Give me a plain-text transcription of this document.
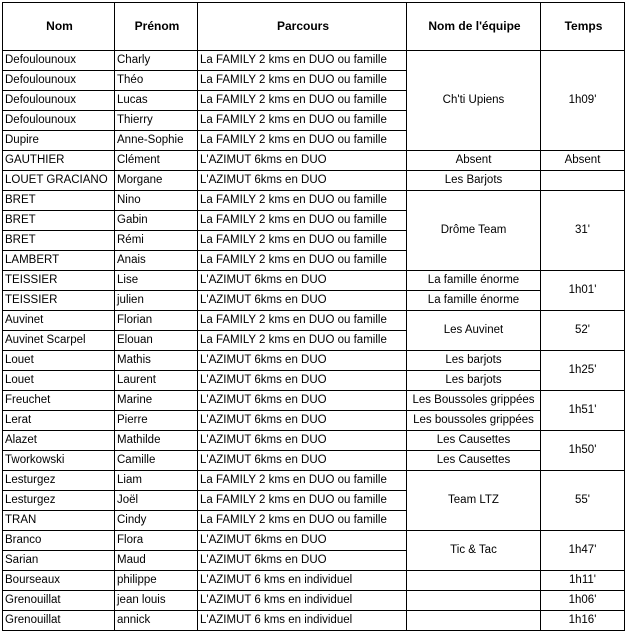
Nom	Prénom	Parcours	Nom de l'équipe	Temps
Defoulounoux	Charly	La FAMILY 2 kms en DUO ou famille	Ch'ti Upiens	1h09'
Defoulounoux	Théo	La FAMILY 2 kms en DUO ou famille		
Defoulounoux	Lucas	La FAMILY 2 kms en DUO ou famille		
Defoulounoux	Thierry	La FAMILY 2 kms en DUO ou famille		
Dupire	Anne-Sophie	La FAMILY 2 kms en DUO ou famille		
GAUTHIER	Clément	L'AZIMUT 6kms en DUO	Absent	Absent
LOUET GRACIANO	Morgane	L'AZIMUT 6kms en DUO	Les Barjots	
BRET	Nino	La FAMILY 2 kms en DUO ou famille	Drôme Team	31'
BRET	Gabin	La FAMILY 2 kms en DUO ou famille		
BRET	Rémi	La FAMILY 2 kms en DUO ou famille		
LAMBERT	Anais	La FAMILY 2 kms en DUO ou famille		
TEISSIER	Lise	L'AZIMUT 6kms en DUO	La famille énorme	1h01'
TEISSIER	julien	L'AZIMUT 6kms en DUO	La famille énorme	
Auvinet	Florian	La FAMILY 2 kms en DUO ou famille	Les Auvinet	52'
Auvinet Scarpel	Elouan	La FAMILY 2 kms en DUO ou famille		
Louet	Mathis	L'AZIMUT 6kms en DUO	Les barjots	1h25'
Louet	Laurent	L'AZIMUT 6kms en DUO	Les barjots	
Freuchet	Marine	L'AZIMUT 6kms en DUO	Les Boussoles grippées	1h51'
Lerat	Pierre	L'AZIMUT 6kms en DUO	Les boussoles grippées	
Alazet	Mathilde	L'AZIMUT 6kms en DUO	Les Causettes	1h50'
Tworkowski	Camille	L'AZIMUT 6kms en DUO	Les Causettes	
Lesturgez	Liam	La FAMILY 2 kms en DUO ou famille	Team LTZ	55'
Lesturgez	Joël	La FAMILY 2 kms en DUO ou famille		
TRAN	Cindy	La FAMILY 2 kms en DUO ou famille		
Branco	Flora	L'AZIMUT 6kms en DUO	Tic & Tac	1h47'
Sarian	Maud	L'AZIMUT 6kms en DUO		
Bourseaux	philippe	L'AZIMUT 6 kms en individuel		1h11'
Grenouillat	jean louis	L'AZIMUT 6 kms en individuel		1h06'
Grenouillat	annick	L'AZIMUT 6 kms en individuel		1h16'
